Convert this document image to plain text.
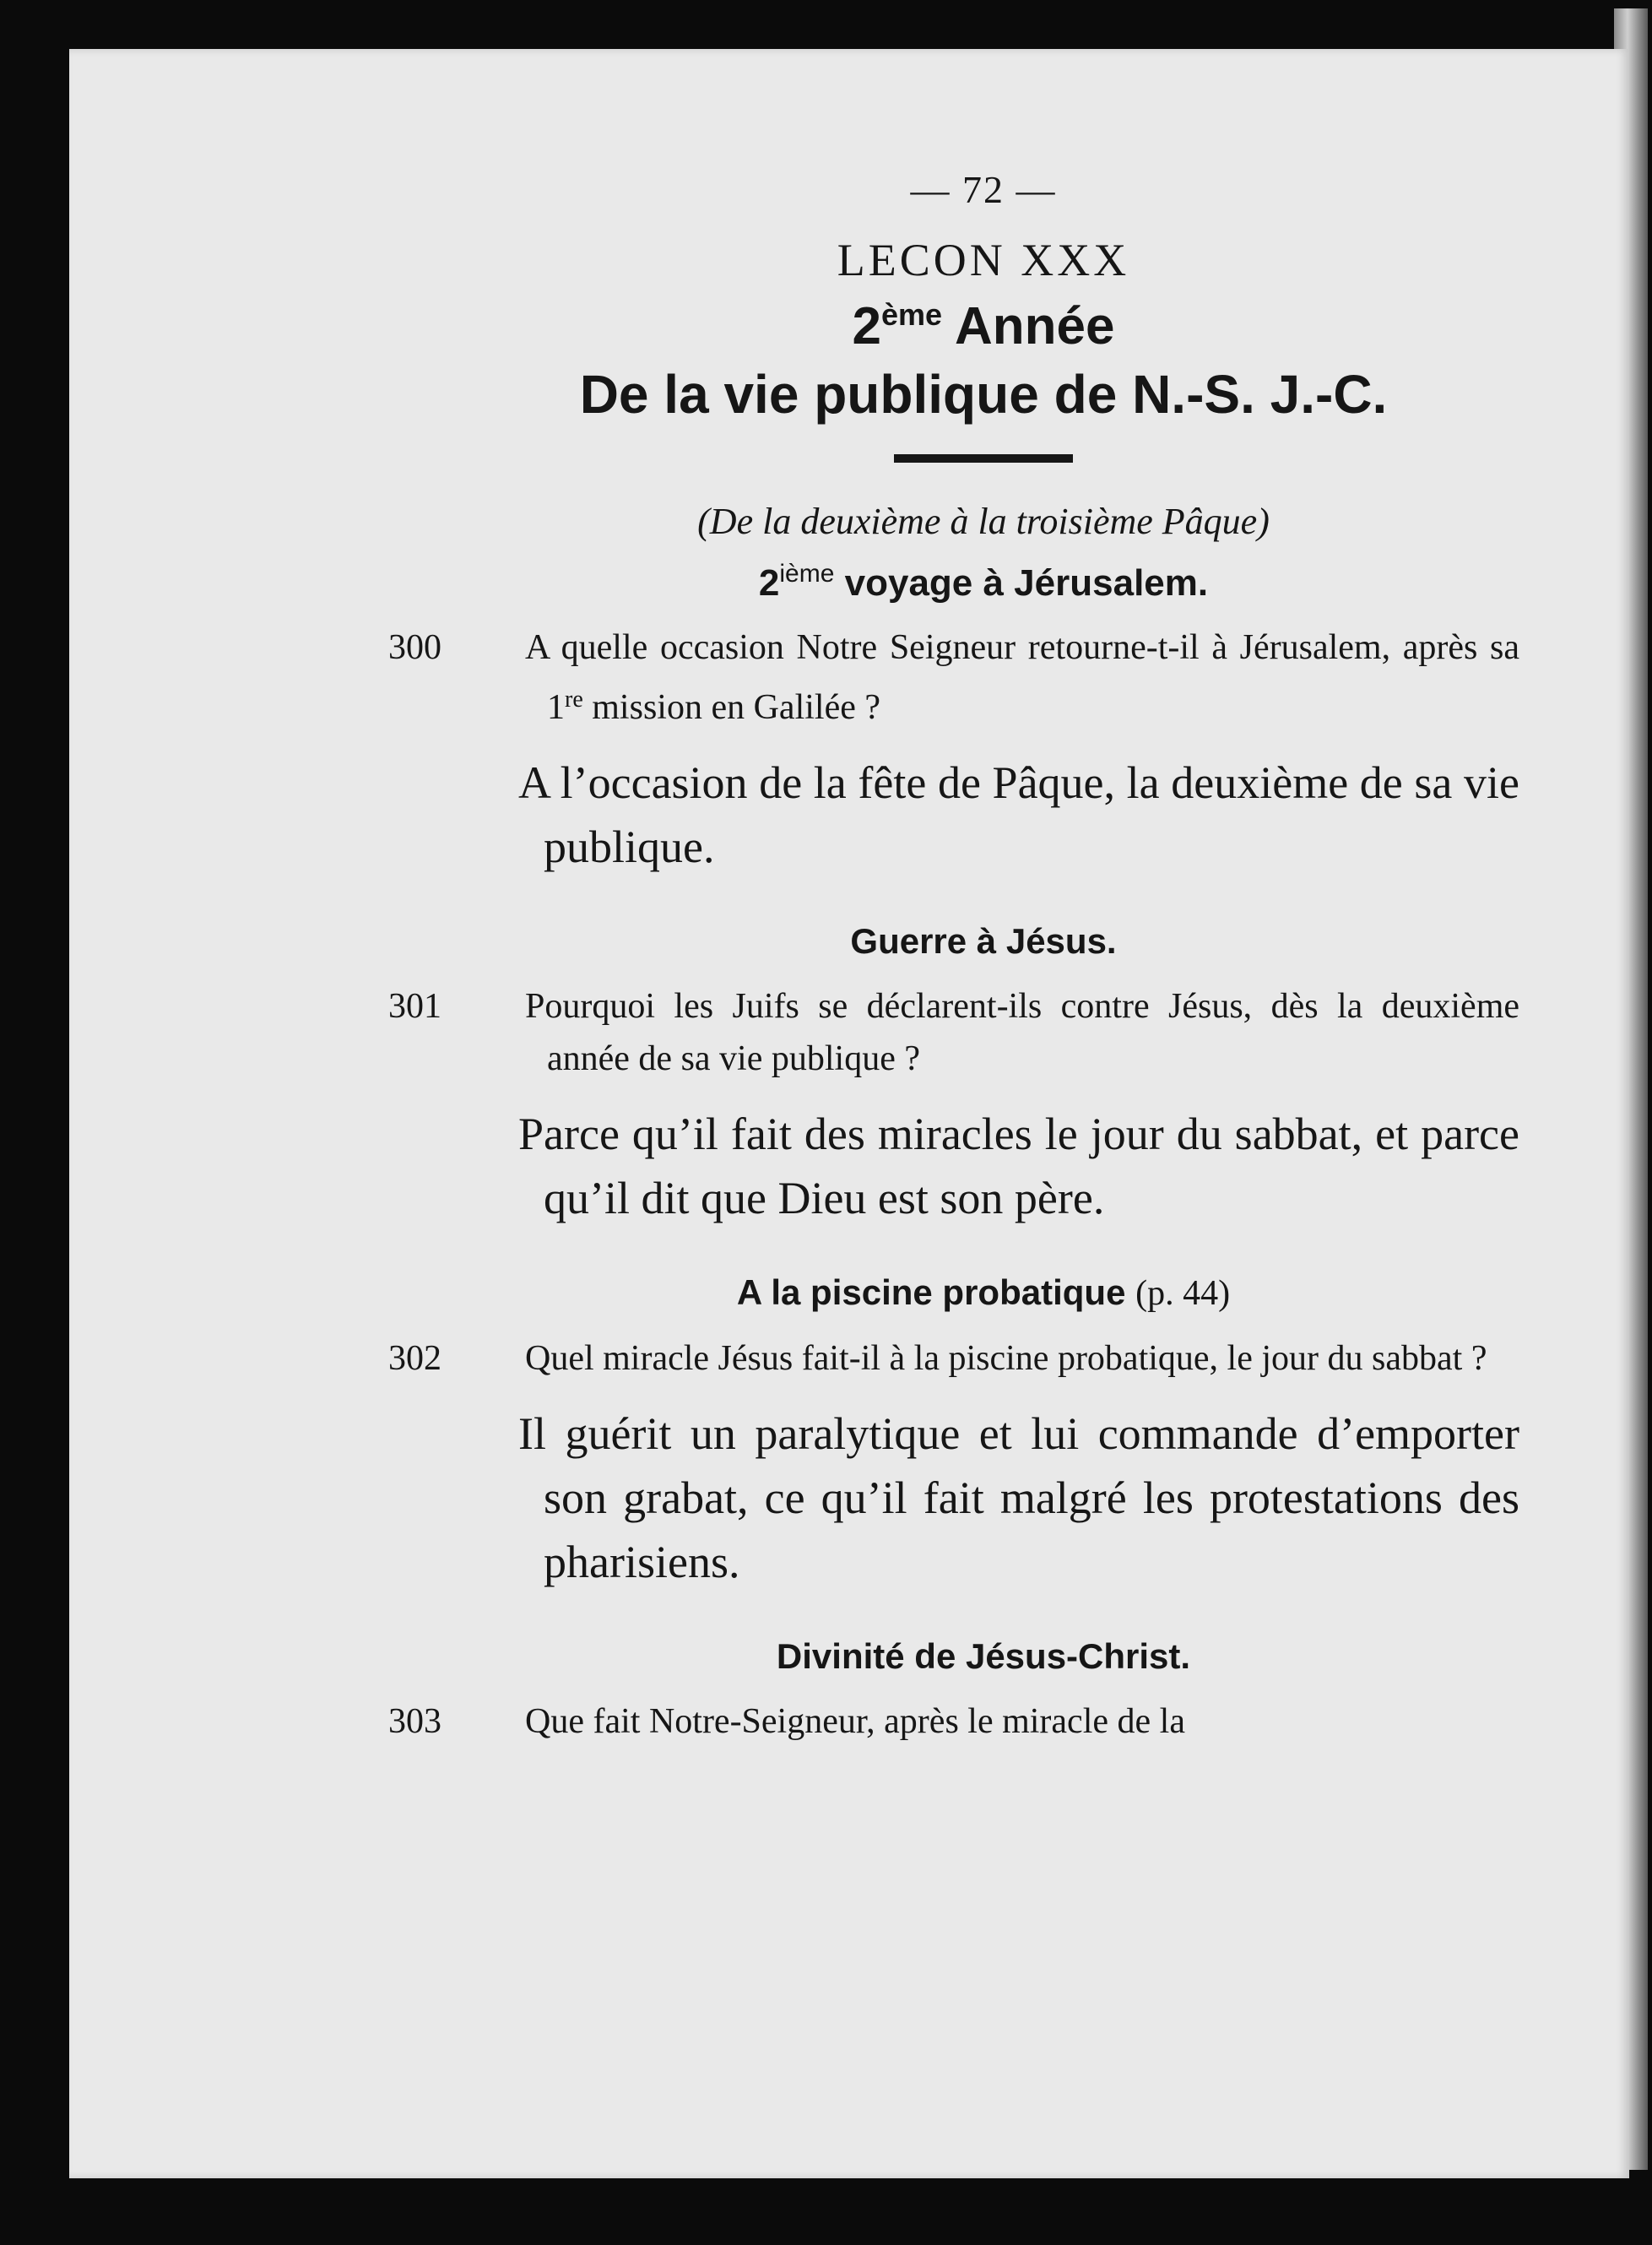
— 72 —
LECON XXX
2ème Année
De la vie publique de N.-S. J.-C.
(De la deuxième à la troisième Pâque)
2ième voyage à Jérusalem.

300 A quelle occasion Notre Seigneur retourne-t-il à Jérusalem, après sa 1re mission en Galilée ?

A l’occasion de la fête de Pâque, la deuxième de sa vie publique.

Guerre à Jésus.

301 Pourquoi les Juifs se déclarent-ils contre Jésus, dès la deuxième année de sa vie publique ?

Parce qu’il fait des miracles le jour du sabbat, et parce qu’il dit que Dieu est son père.

A la piscine probatique (p. 44)

302 Quel miracle Jésus fait-il à la piscine probatique, le jour du sabbat ?

Il guérit un paralytique et lui commande d’emporter son grabat, ce qu’il fait malgré les protestations des pharisiens.

Divinité de Jésus-Christ.

303 Que fait Notre-Seigneur, après le miracle de la
